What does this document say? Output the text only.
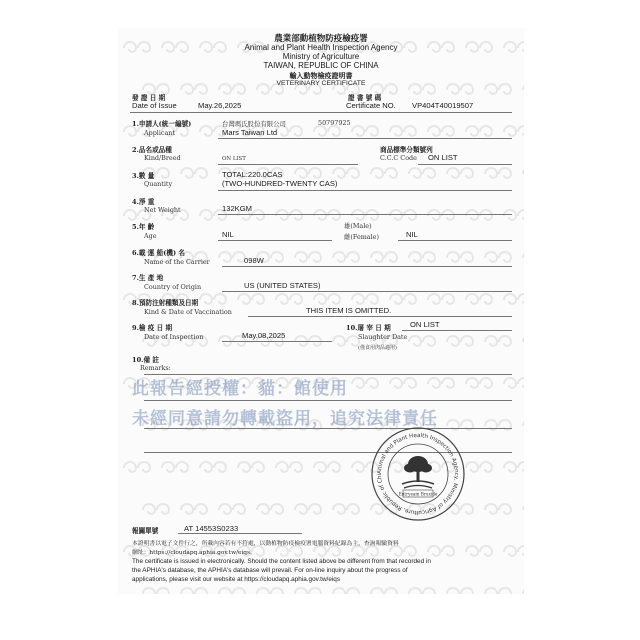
農業部動植物防疫檢疫署
Animal and Plant Health Inspection Agency
Ministry of Agriculture
TAIWAN, REPUBLIC OF CHINA
輸入動物檢疫證明書
VETERINARY CERTIFICATE
發 證 日 期
Date of Issue	May.26,2025
證 書 號 碼
Certificate NO. VP404T40019507
1.申請人(統一編號)	台灣瑪氏股份有限公司	50797925
Applicant	Mars Taiwan Ltd
2.品名或品種	商品標準分類號列
Kind/Breed	ON LIST	C.C.C Code ON LIST
3.數 量	TOTAL:220.0CAS
Quantity	(TWO-HUNDRED-TWENTY CAS)
4.淨 重
Net Weight	132KGM
5.年 齡	雄(Male)
Age	NIL	雌(Female)	NIL
6.載 運 船(機) 名
Name of the Carrier	098W
7.生 產 地
Country of Origin	US (UNITED STATES)
8.預防注射種類及日期
Kind & Date of Vaccination	THIS ITEM IS OMITTED.
9.檢 疫 日 期	10.屠 宰 日 期	ON LIST
Date of Inspection	May.08,2025	Slaughter Date
(僅食用肉品適用)
10.備 註
Remarks:
此報告經授權：貓：館使用
未經同意請勿轉載盜用，追究法律責任
Animal and Plant Health Inspection Agency, Ministry of Agriculture, Republic of Chi
Entryeam Bruxide
報關單號	AT 14553S0233
本證明書以電子文件行之，所載內容若有不符處，以動植物防疫檢疫署電腦資料紀錄為主，查詢報驗資料
網址：https://cloudapq.aphia.gov.tw/eiqs。
The certificate is issued in electronically. Should the content listed above be different from that recorded in
the APHIA's database, the APHIA's database will prevail. For on-line inquiry about the progress of
applications, please visit our website at https://cloudapq.aphia.gov.tw/eiqs
